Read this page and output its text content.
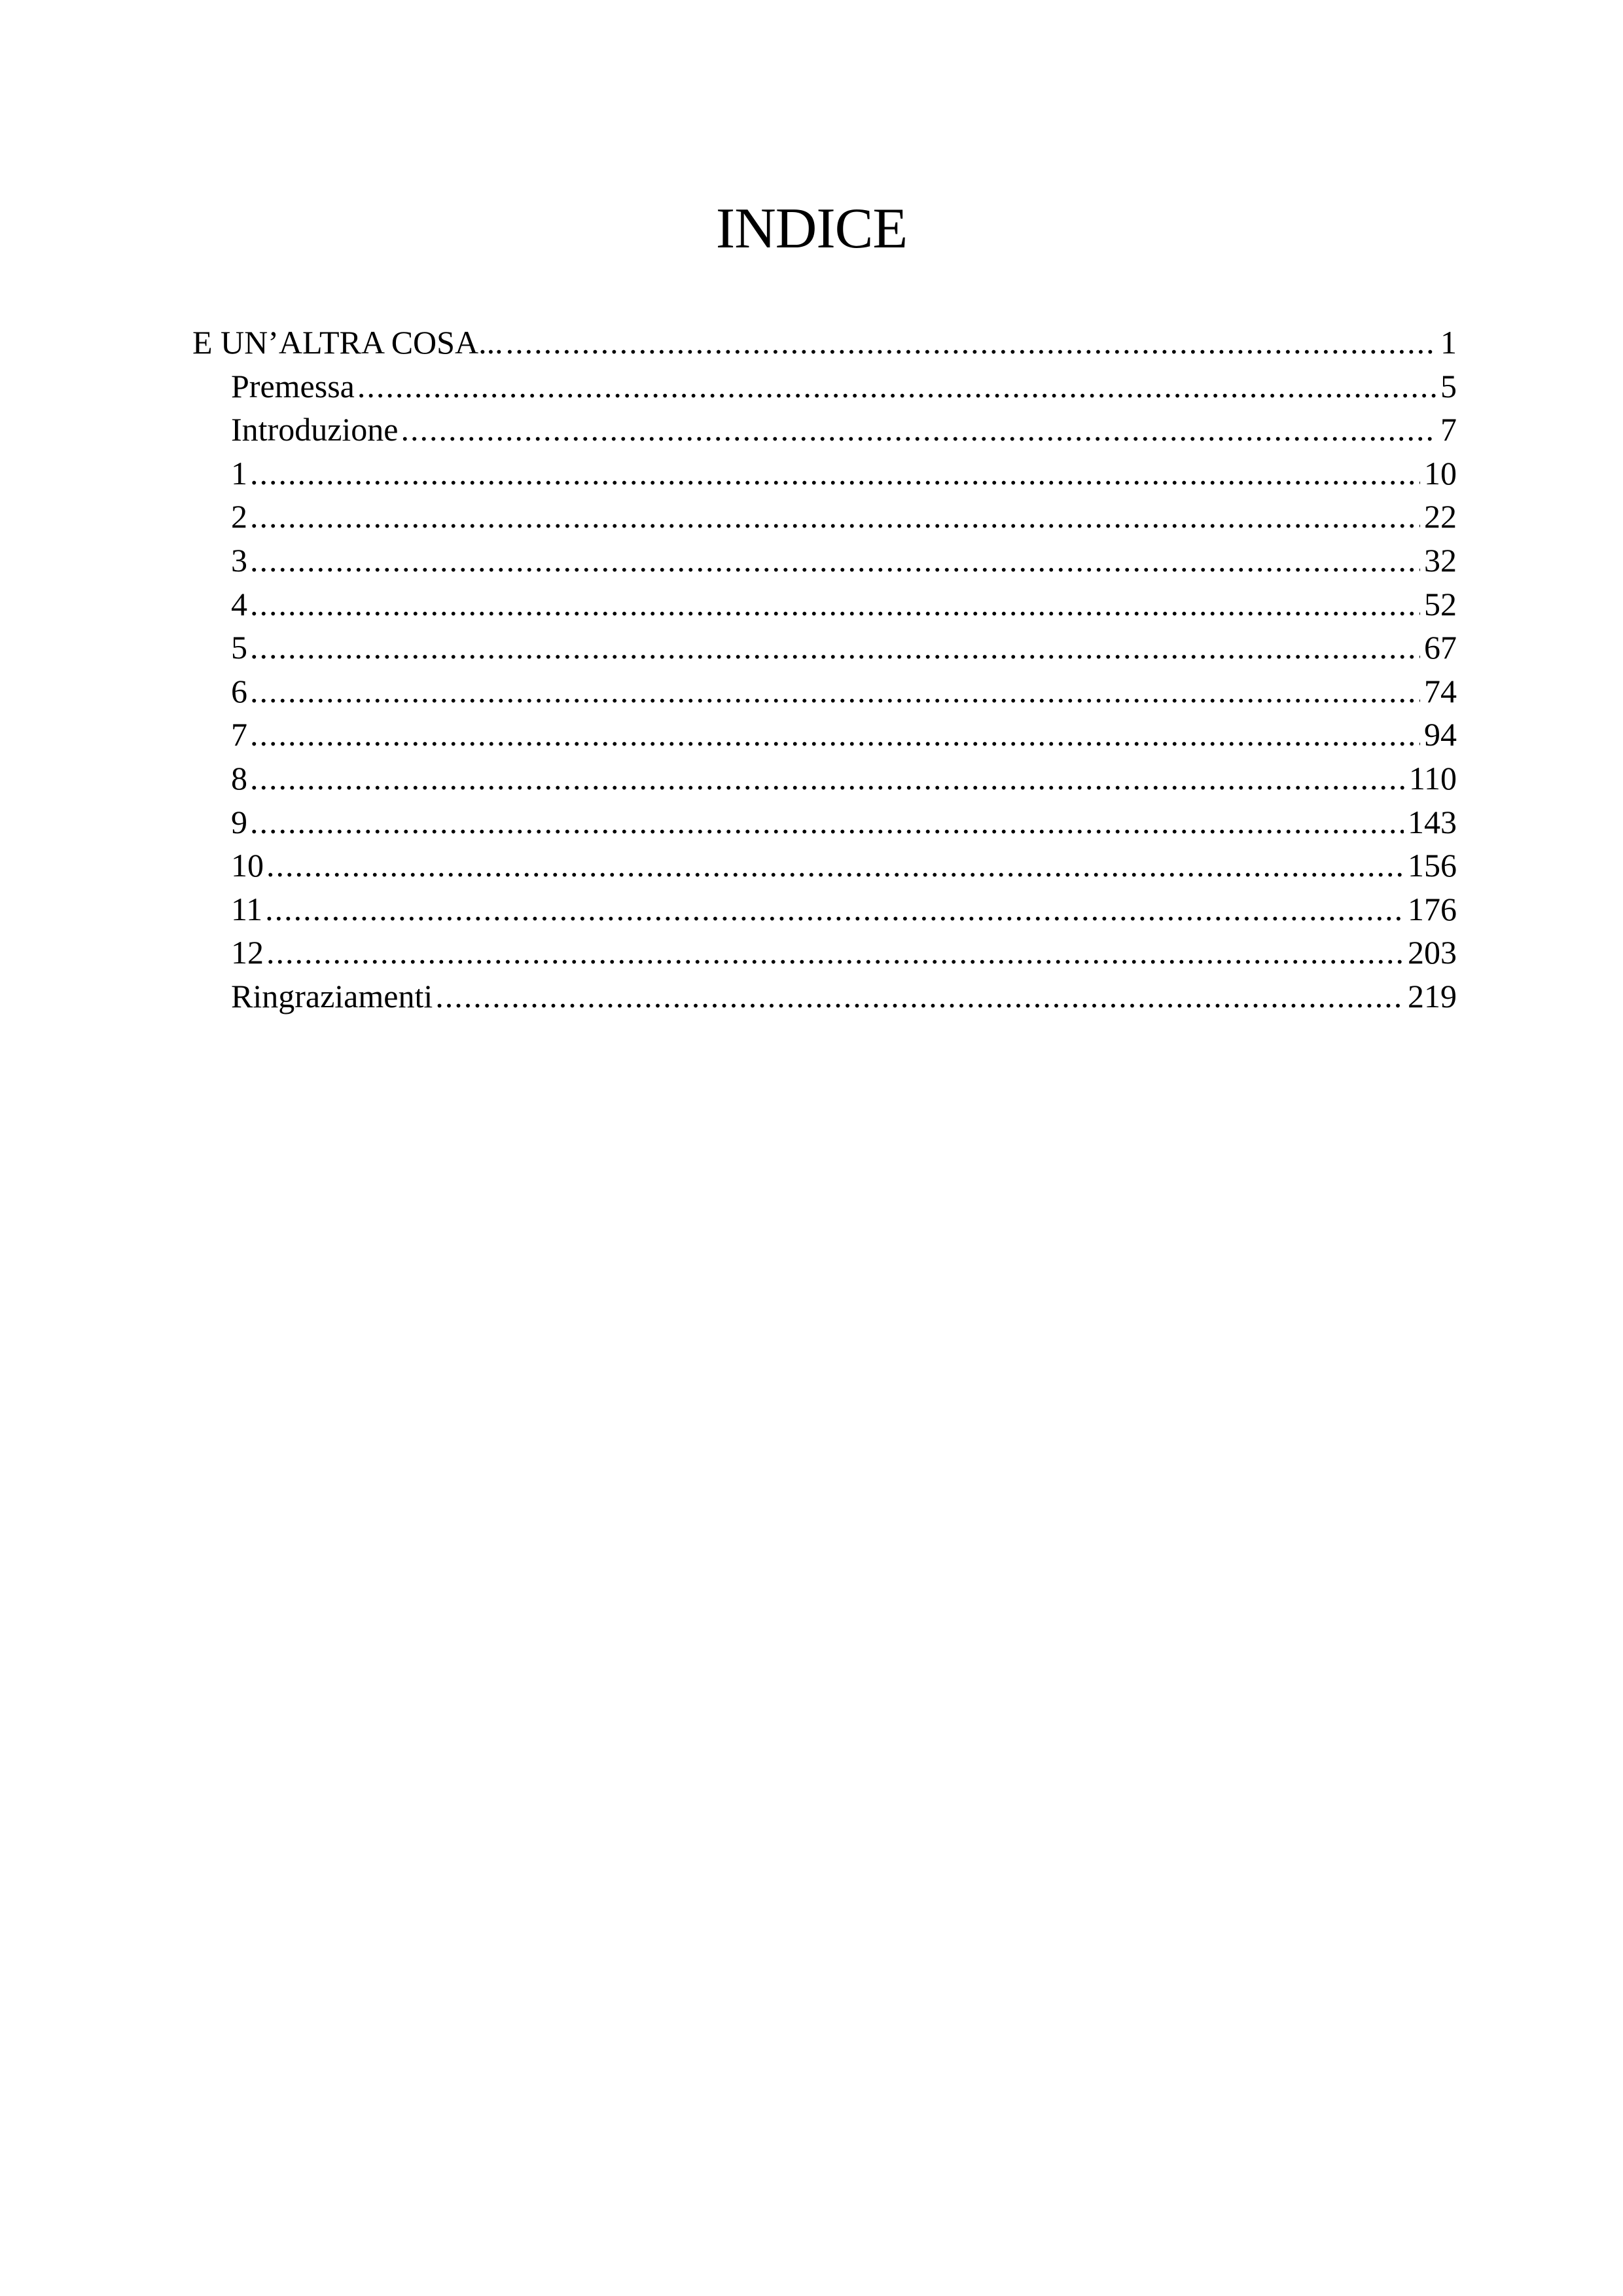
INDICE
E UN’ALTRA COSA... .....	1
Premessa .....	5
Introduzione .....	7
1 .....	10
2 .....	22
3 .....	32
4 .....	52
5 .....	67
6 .....	74
7 .....	94
8 .....	110
9 .....	143
10 .....	156
11 .....	176
12 .....	203
Ringraziamenti .....	219
